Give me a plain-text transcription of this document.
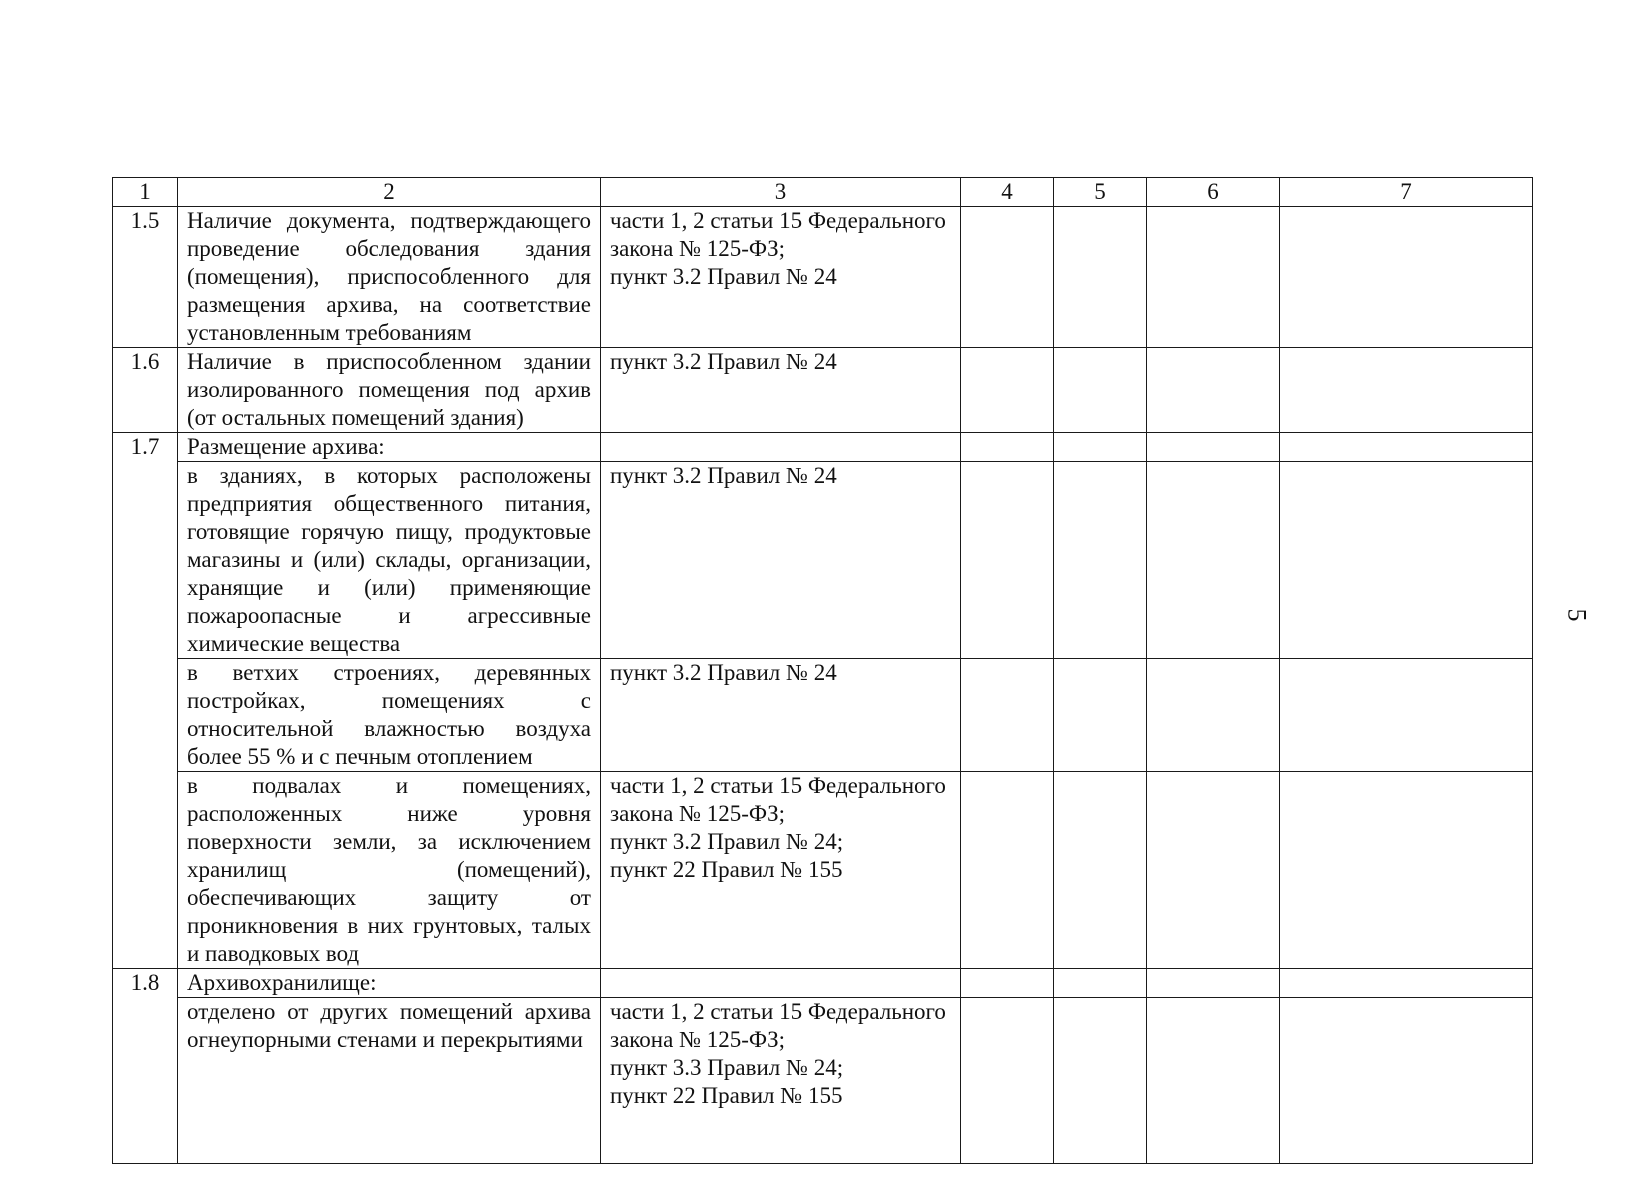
1	2	3	4	5	6	7
1.5	Наличие документа, подтверждающего проведение обследования здания (помещения), приспособленного для размещения архива, на соответствие установленным требованиям	части 1, 2 статьи 15 Федерального закона № 125-ФЗ;
пункт 3.2 Правил № 24				

1.6	Наличие в приспособленном здании изолированного помещения под архив (от остальных помещений здания)	пункт 3.2 Правил № 24				

1.7	Размещение архива:					
	в зданиях, в которых расположены предприятия общественного питания, готовящие горячую пищу, продуктовые магазины и (или) склады, организации, хранящие и (или) применяющие пожароопасные и агрессивные химические вещества	пункт 3.2 Правил № 24				

	в ветхих строениях, деревянных постройках, помещениях с относительной влажностью воздуха более 55 % и с печным отоплением	пункт 3.2 Правил № 24				

	в подвалах и помещениях, расположенных ниже уровня поверхности земли, за исключением хранилищ (помещений), обеспечивающих защиту от проникновения в них грунтовых, талых и паводковых вод	части 1, 2 статьи 15 Федерального закона № 125-ФЗ;
пункт 3.2 Правил № 24;
пункт 22 Правил № 155				

1.8	Архивохранилище:					
	отделено от других помещений архива огнеупорными стенами и перекрытиями	части 1, 2 статьи 15 Федерального закона № 125-ФЗ;
пункт 3.3 Правил № 24;
пункт 22 Правил № 155				

5
